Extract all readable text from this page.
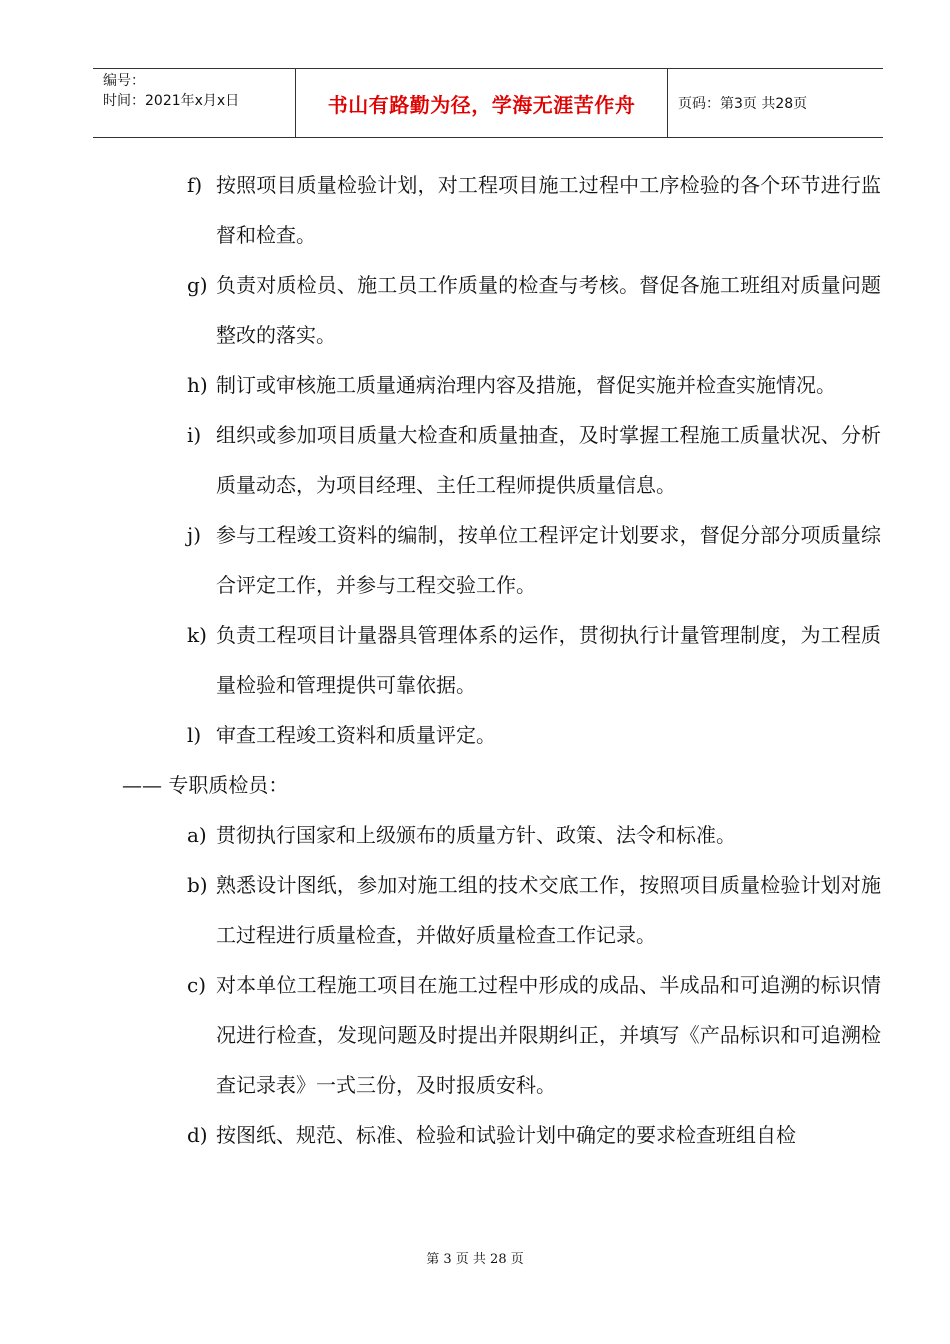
编号：
时间：2021年x月x日	书山有路勤为径，学海无涯苦作舟	页码：第3页 共28页
f) 按照项目质量检验计划，对工程项目施工过程中工序检验的各个环节进行监督和检查。
g) 负责对质检员、施工员工作质量的检查与考核。督促各施工班组对质量问题整改的落实。
h) 制订或审核施工质量通病治理内容及措施，督促实施并检查实施情况。
i) 组织或参加项目质量大检查和质量抽查，及时掌握工程施工质量状况、分析质量动态，为项目经理、主任工程师提供质量信息。
j) 参与工程竣工资料的编制，按单位工程评定计划要求，督促分部分项质量综合评定工作，并参与工程交验工作。
k) 负责工程项目计量器具管理体系的运作，贯彻执行计量管理制度，为工程质量检验和管理提供可靠依据。
l) 审查工程竣工资料和质量评定。
—— 专职质检员：
a) 贯彻执行国家和上级颁布的质量方针、政策、法令和标准。
b) 熟悉设计图纸，参加对施工组的技术交底工作，按照项目质量检验计划对施工过程进行质量检查，并做好质量检查工作记录。
c) 对本单位工程施工项目在施工过程中形成的成品、半成品和可追溯的标识情况进行检查，发现问题及时提出并限期纠正，并填写《产品标识和可追溯检查记录表》一式三份，及时报质安科。
d) 按图纸、规范、标准、检验和试验计划中确定的要求检查班组自检
第 3 页 共 28 页
